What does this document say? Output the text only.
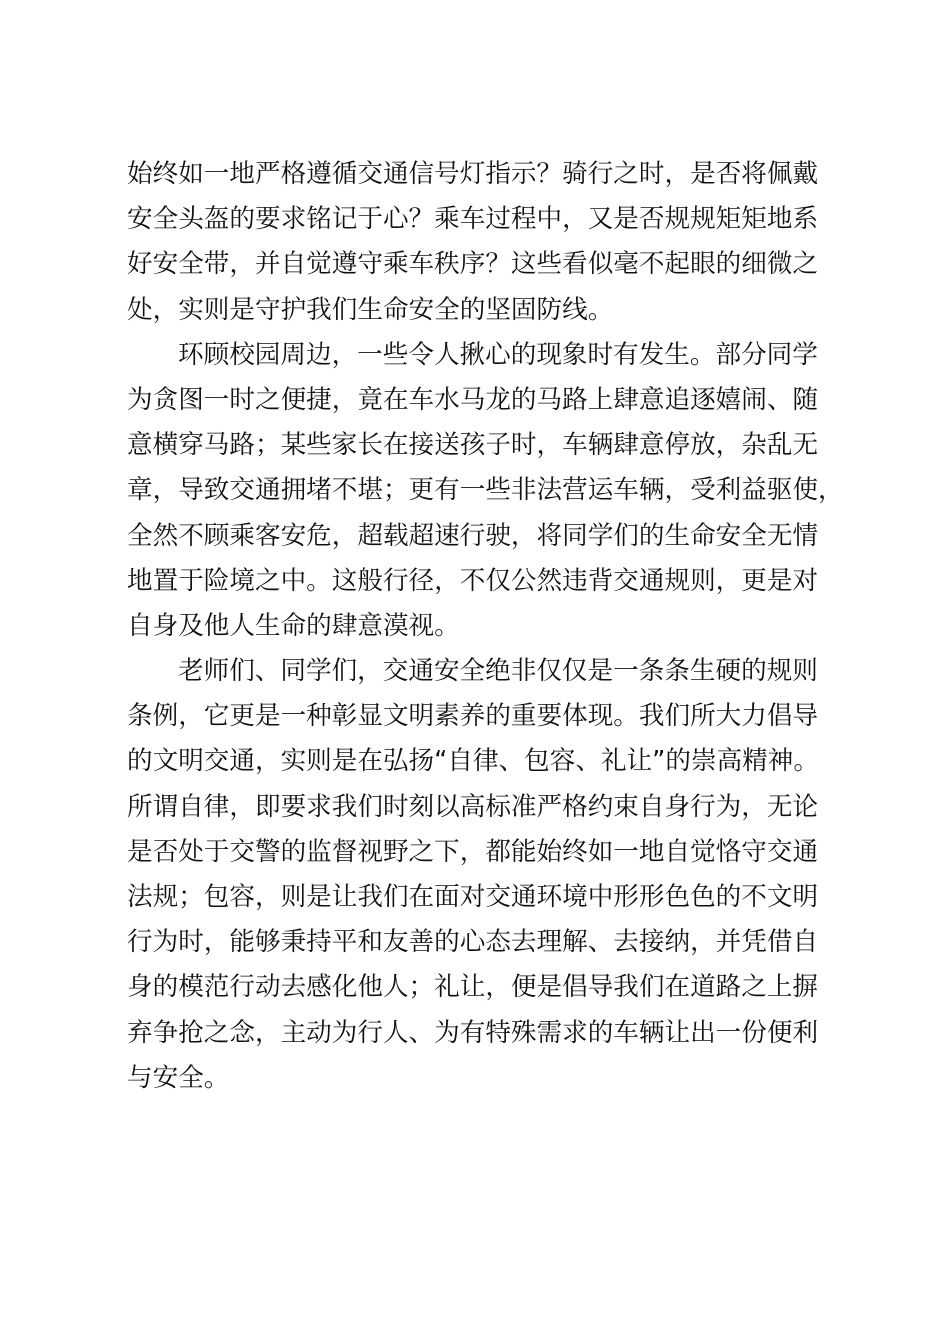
始终如一地严格遵循交通信号灯指示？骑行之时，是否将佩戴
安全头盔的要求铭记于心？乘车过程中，又是否规规矩矩地系
好安全带，并自觉遵守乘车秩序？这些看似毫不起眼的细微之
处，实则是守护我们生命安全的坚固防线。
环顾校园周边，一些令人揪心的现象时有发生。部分同学
为贪图一时之便捷，竟在车水马龙的马路上肆意追逐嬉闹、随
意横穿马路；某些家长在接送孩子时，车辆肆意停放，杂乱无
章，导致交通拥堵不堪；更有一些非法营运车辆，受利益驱使，
全然不顾乘客安危，超载超速行驶，将同学们的生命安全无情
地置于险境之中。这般行径，不仅公然违背交通规则，更是对
自身及他人生命的肆意漠视。
老师们、同学们，交通安全绝非仅仅是一条条生硬的规则
条例，它更是一种彰显文明素养的重要体现。我们所大力倡导
的文明交通，实则是在弘扬“自律、包容、礼让”的崇高精神。
所谓自律，即要求我们时刻以高标准严格约束自身行为，无论
是否处于交警的监督视野之下，都能始终如一地自觉恪守交通
法规；包容，则是让我们在面对交通环境中形形色色的不文明
行为时，能够秉持平和友善的心态去理解、去接纳，并凭借自
身的模范行动去感化他人；礼让，便是倡导我们在道路之上摒
弃争抢之念，主动为行人、为有特殊需求的车辆让出一份便利
与安全。
